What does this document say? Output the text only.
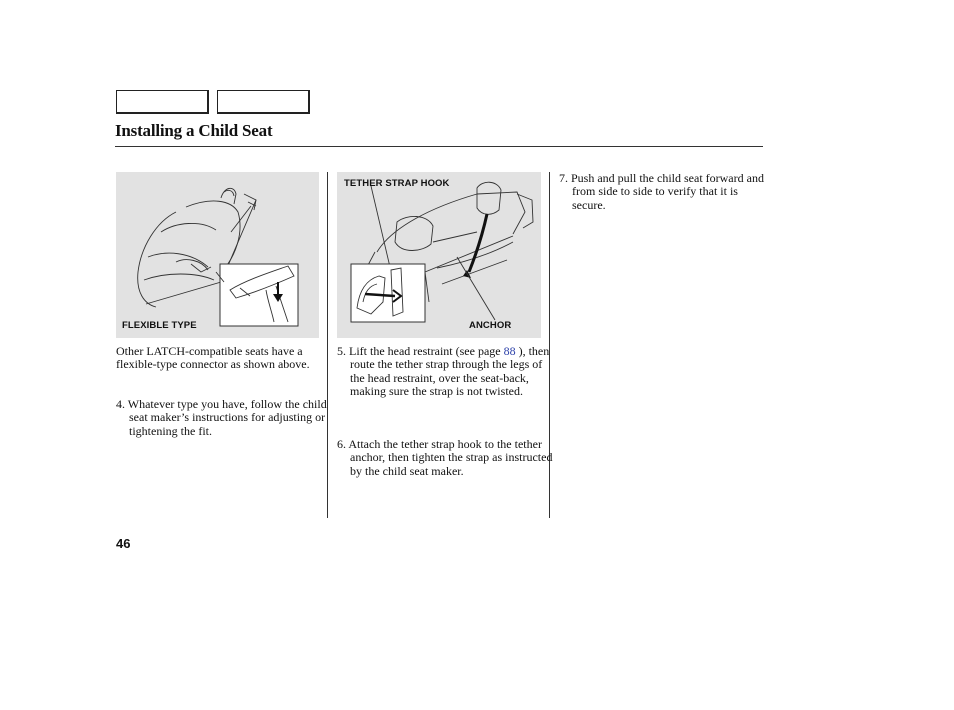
Installing a Child Seat
FLEXIBLE TYPE
TETHER STRAP HOOK
ANCHOR
Other LATCH-compatible seats have a flexible-type connector as shown above.
4. Whatever type you have, follow the child seat maker’s instructions for adjusting or tightening the fit.
5. Lift the head restraint (see page 88 ), then route the tether strap through the legs of the head restraint, over the seat-back, making sure the strap is not twisted.
6. Attach the tether strap hook to the tether anchor, then tighten the strap as instructed by the child seat maker.
7. Push and pull the child seat forward and from side to side to verify that it is secure.
46
